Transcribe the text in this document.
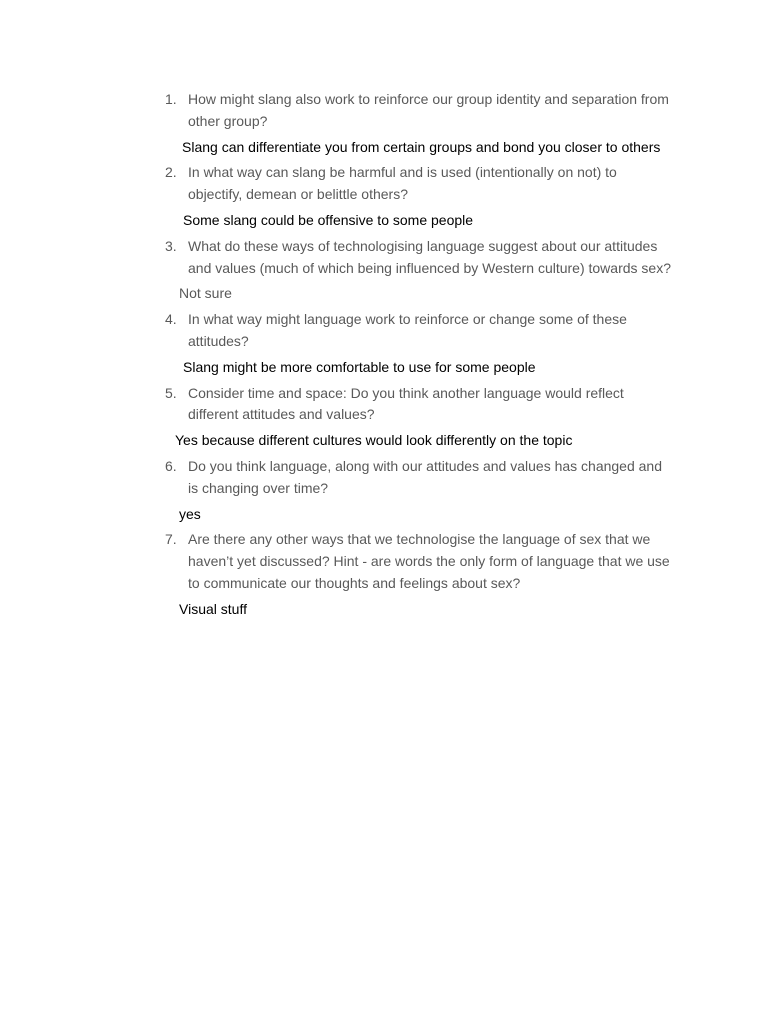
1. How might slang also work to reinforce our group identity and separation from other group?
Slang can differentiate you from certain groups and bond you closer to others
2. In what way can slang be harmful and is used (intentionally on not) to objectify, demean or belittle others?
Some slang could be offensive to some people
3. What do these ways of technologising language suggest about our attitudes and values (much of which being influenced by Western culture) towards sex?
Not sure
4. In what way might language work to reinforce or change some of these attitudes?
Slang might be more comfortable to use for some people
5. Consider time and space: Do you think another language would reflect different attitudes and values?
Yes because different cultures would look differently on the topic
6. Do you think language, along with our attitudes and values has changed and is changing over time?
yes
7. Are there any other ways that we technologise the language of sex that we haven’t yet discussed? Hint - are words the only form of language that we use to communicate our thoughts and feelings about sex?
Visual stuff
